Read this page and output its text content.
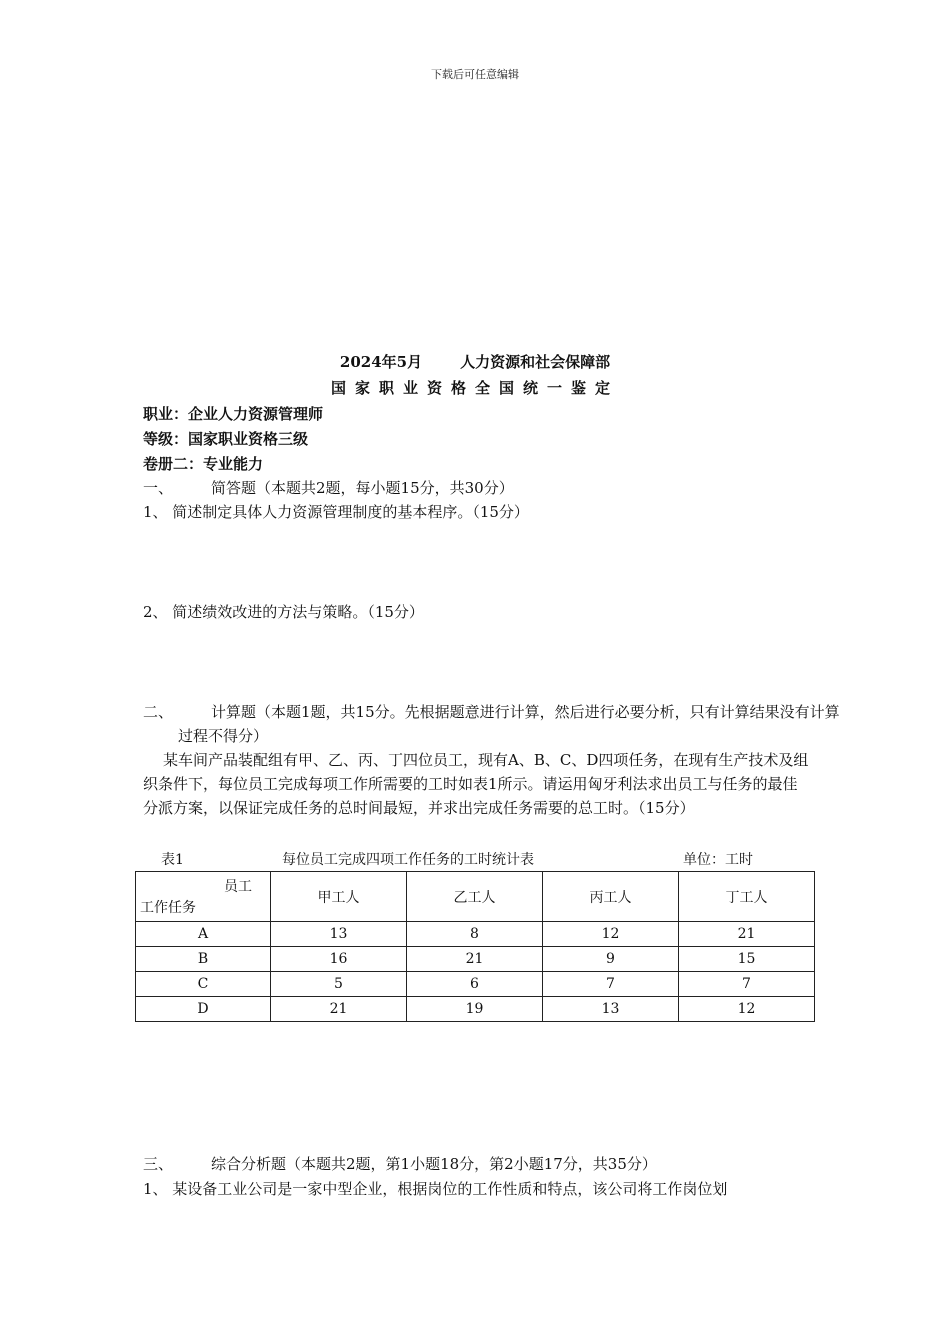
下载后可任意编辑
2024年5月	人力资源和社会保障部
国家职业资格全国统一鉴定
职业：企业人力资源管理师
等级：国家职业资格三级
卷册二：专业能力
一、	简答题（本题共2题，每小题15分，共30分）
1、 简述制定具体人力资源管理制度的基本程序。（15分）
2、 简述绩效改进的方法与策略。（15分）
二、	计算题（本题1题，共15分。先根据题意进行计算，然后进行必要分析，只有计算结果没有计算过程不得分）
某车间产品装配组有甲、乙、丙、丁四位员工，现有A、B、C、D四项任务，在现有生产技术及组织条件下，每位员工完成每项工作所需要的工时如表1所示。请运用匈牙利法求出员工与任务的最佳分派方案，以保证完成任务的总时间最短，并求出完成任务需要的总工时。（15分）
表1	每位员工完成四项工作任务的工时统计表	单位：工时
员工
工作任务	甲工人	乙工人	丙工人	丁工人
A	13	8	12	21
B	16	21	9	15
C	5	6	7	7
D	21	19	13	12
三、	综合分析题（本题共2题，第1小题18分，第2小题17分，共35分）
1、 某设备工业公司是一家中型企业，根据岗位的工作性质和特点，该公司将工作岗位划
